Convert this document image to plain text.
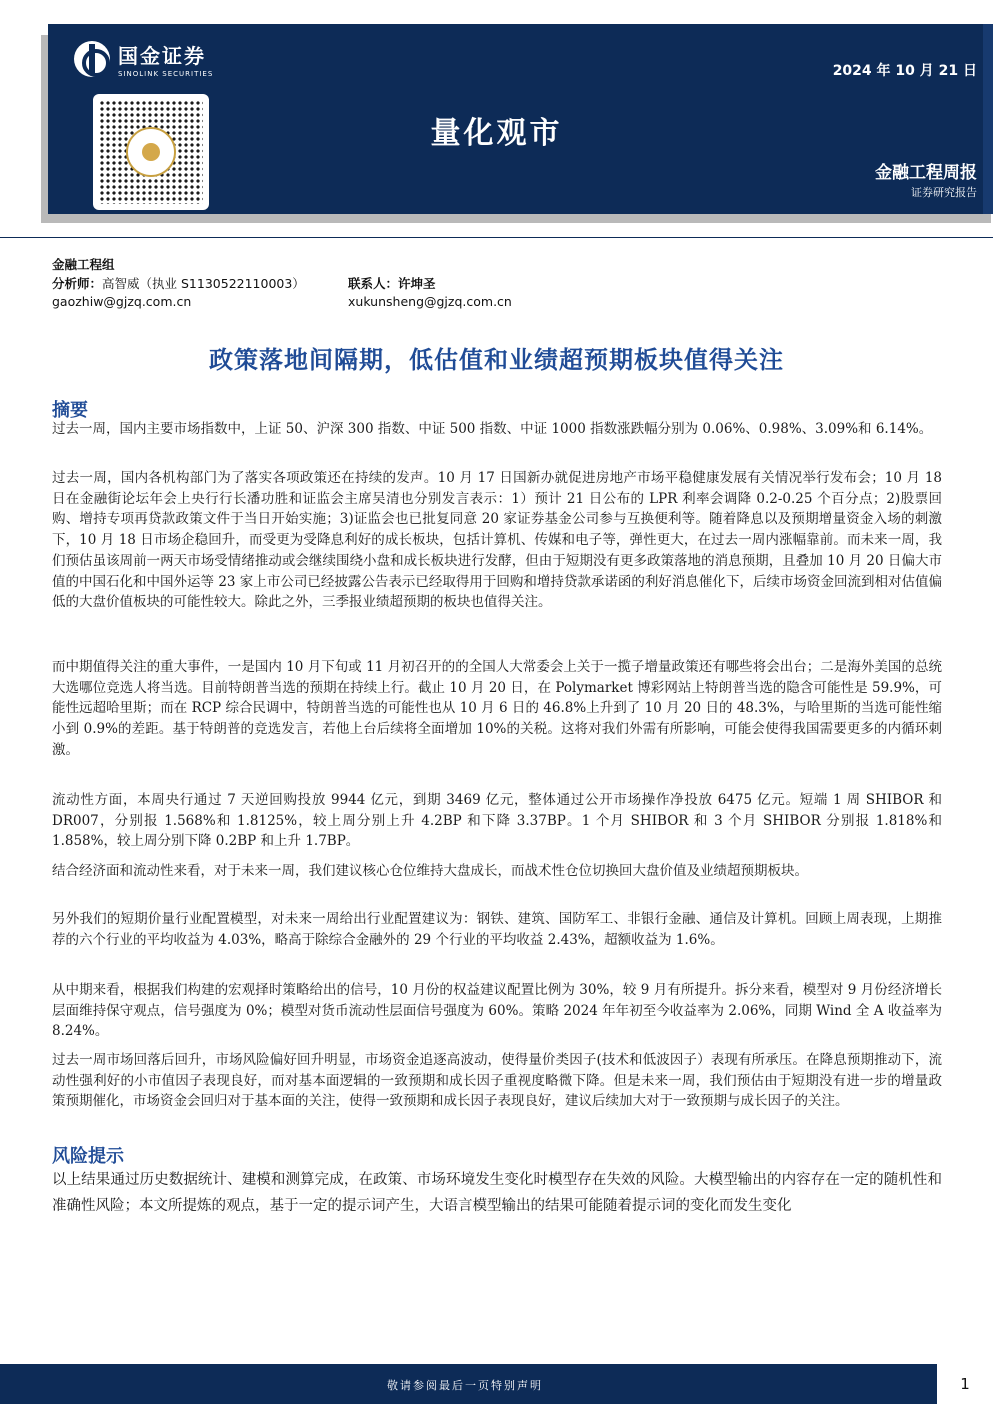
国金证券
SINOLINK SECURITIES	2024 年 10 月 21 日
量化观市
金融工程周报
证券研究报告
金融工程组
分析师：高智威（执业 S1130522110003）	联系人：许坤圣
gaozhiw@gjzq.com.cn	xukunsheng@gjzq.com.cn
政策落地间隔期，低估值和业绩超预期板块值得关注
摘要

过去一周，国内主要市场指数中，上证 50、沪深 300 指数、中证 500 指数、中证 1000 指数涨跌幅分别为 0.06%、0.98%、3.09%和 6.14%。

过去一周，国内各机构部门为了落实各项政策还在持续的发声。10 月 17 日国新办就促进房地产市场平稳健康发展有关情况举行发布会；10 月 18 日在金融街论坛年会上央行行长潘功胜和证监会主席吴清也分别发言表示：1）预计 21 日公布的 LPR 利率会调降 0.2-0.25 个百分点；2)股票回购、增持专项再贷款政策文件于当日开始实施；3)证监会也已批复同意 20 家证券基金公司参与互换便利等。随着降息以及预期增量资金入场的刺激下，10 月 18 日市场企稳回升，而受更为受降息利好的成长板块，包括计算机、传媒和电子等，弹性更大，在过去一周内涨幅靠前。而未来一周，我们预估虽该周前一两天市场受情绪推动或会继续围绕小盘和成长板块进行发酵，但由于短期没有更多政策落地的消息预期，且叠加 10 月 20 日偏大市值的中国石化和中国外运等 23 家上市公司已经披露公告表示已经取得用于回购和增持贷款承诺函的利好消息催化下，后续市场资金回流到相对估值偏低的大盘价值板块的可能性较大。除此之外，三季报业绩超预期的板块也值得关注。

而中期值得关注的重大事件，一是国内 10 月下旬或 11 月初召开的的全国人大常委会上关于一揽子增量政策还有哪些将会出台；二是海外美国的总统大选哪位竞选人将当选。目前特朗普当选的预期在持续上行。截止 10 月 20 日，在 Polymarket 博彩网站上特朗普当选的隐含可能性是 59.9%，可能性远超哈里斯；而在 RCP 综合民调中，特朗普当选的可能性也从 10 月 6 日的 46.8%上升到了 10 月 20 日的 48.3%，与哈里斯的当选可能性缩小到 0.9%的差距。基于特朗普的竞选发言，若他上台后续将全面增加 10%的关税。这将对我们外需有所影响，可能会使得我国需要更多的内循环刺激。

流动性方面，本周央行通过 7 天逆回购投放 9944 亿元，到期 3469 亿元，整体通过公开市场操作净投放 6475 亿元。短端 1 周 SHIBOR 和 DR007，分别报 1.568%和 1.8125%，较上周分别上升 4.2BP 和下降 3.37BP。1 个月 SHIBOR 和 3 个月 SHIBOR 分别报 1.818%和 1.858%，较上周分别下降 0.2BP 和上升 1.7BP。

结合经济面和流动性来看，对于未来一周，我们建议核心仓位维持大盘成长，而战术性仓位切换回大盘价值及业绩超预期板块。

另外我们的短期价量行业配置模型，对未来一周给出行业配置建议为：钢铁、建筑、国防军工、非银行金融、通信及计算机。回顾上周表现，上期推荐的六个行业的平均收益为 4.03%，略高于除综合金融外的 29 个行业的平均收益 2.43%，超额收益为 1.6%。

从中期来看，根据我们构建的宏观择时策略给出的信号，10 月份的权益建议配置比例为 30%，较 9 月有所提升。拆分来看，模型对 9 月份经济增长层面维持保守观点，信号强度为 0%；模型对货币流动性层面信号强度为 60%。策略 2024 年年初至今收益率为 2.06%，同期 Wind 全 A 收益率为 8.24%。

过去一周市场回落后回升，市场风险偏好回升明显，市场资金追逐高波动，使得量价类因子(技术和低波因子）表现有所承压。在降息预期推动下，流动性强利好的小市值因子表现良好，而对基本面逻辑的一致预期和成长因子重视度略微下降。但是未来一周，我们预估由于短期没有进一步的增量政策预期催化，市场资金会回归对于基本面的关注，使得一致预期和成长因子表现良好，建议后续加大对于一致预期与成长因子的关注。

风险提示

以上结果通过历史数据统计、建模和测算完成，在政策、市场环境发生变化时模型存在失效的风险。大模型输出的内容存在一定的随机性和准确性风险；本文所提炼的观点，基于一定的提示词产生，大语言模型输出的结果可能随着提示词的变化而发生变化

敬请参阅最后一页特别声明	1
